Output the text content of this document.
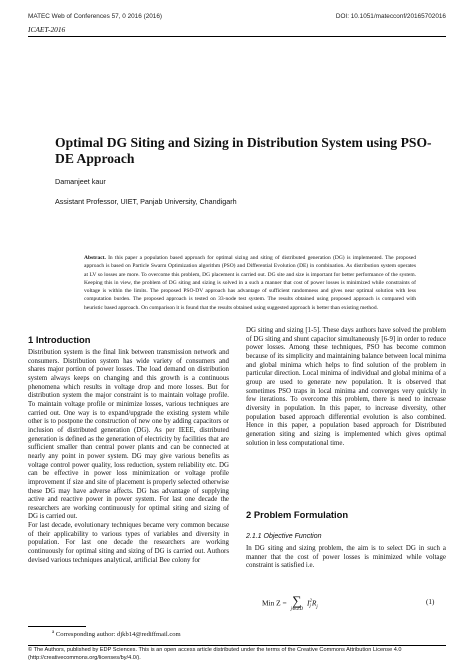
MATEC Web of Conferences 57, 0 2016 (2016)	DOI: 10.1051/matecconf/20165702016
ICAET-2016
Optimal DG Siting and Sizing in Distribution System using PSO-DE Approach
Damanjeet kaur
Assistant Professor, UIET, Panjab University, Chandigarh
Abstract. In this paper a population based approach for optimal sizing and siting of distributed generation (DG) is implemented. The proposed approach is based on Particle Swarm Optimization algorithm (PSO) and Differential Evolution (DE) in combination. As distribution system operates at LV so losses are more. To overcome this problem, DG placement is carried out. DG site and size is important for better performance of the system. Keeping this in view, the problem of DG siting and sizing is solved in a such a manner that cost of power losses is minimized while constraints of voltage is within the limits. The proposed PSO-DV approach has advantage of sufficient randomness and gives near optimal solution with less computation burden. The proposed approach is tested on 33-node test system. The results obtained using proposed approach is compared with heuristic based approach. On comparison it is found that the results obtained using suggested approach is better than existing method.
1 Introduction

Distribution system is the final link between transmission network and consumers. Distribution system has wide variety of consumers and shares major portion of power losses. The load demand on distribution system always keeps on changing and this growth is a continuous phenomena which results in voltage drop and more losses. But for distribution system the major constraint is to maintain voltage profile. To maintain voltage profile or minimize losses, various techniques are carried out. One way is to expand/upgrade the existing system while other is to postpone the construction of new one by adding capacitors or inclusion of distributed generation (DG). As per IEEE, distributed generation is defined as the generation of electricity by facilities that are sufficient smaller than central power plants and can be connected at nearly any point in power system. DG may give various benefits as voltage control power quality, loss reduction, system reliability etc. DG can be effective in power loss minimization or voltage profile improvement if size and site of placement is properly selected otherwise these DG may have adverse affects. DG has advantage of supplying active and reactive power in power system. For last one decade the researchers are working continuously for optimal siting and sizing of DG is carried out.

For last decade, evolutionary techniques became very common because of their applicability to various types of variables and diversity in population. For last one decade the researchers are working continuously for optimal siting and sizing of DG is carried out. Authors devised various techniques analytical, artificial Bee colony for

$^a$ Corresponding author: djkb14@rediffmail.com
DG siting and sizing [1-5]. These days authors have solved the problem of DG siting and shunt capacitor simultaneously [6-9] in order to reduce power losses. Among these techniques, PSO has become common because of its simplicity and maintaining balance between local minima and global minima which helps to find solution of the problem in particular direction. Local minima of individual and global minima of a group are used to generate new population. It is observed that sometimes PSO traps in local minima and converges very quickly in few iterations. To overcome this problem, there is need to increase diversity in population. In this paper, to increase diversity, other population based approach differential evolution is also combined. Hence in this paper, a population based approach for Distributed generation siting and sizing is implemented which gives optimal solution in less computational time.
2 Problem Formulation
2.1.1 Objective Function
In DG siting and sizing problem, the aim is to select DG in such a manner that the cost of power losses is minimized while voltage constraint is satisfied i.e.
Min Z = ∑
j∈ℤD
I 2
j $R_j$
(1)
© The Authors, published by EDP Sciences. This is an open access article distributed under the terms of the Creative Commons Attribution License 4.0 (http://creativecommons.org/licenses/by/4.0/).
